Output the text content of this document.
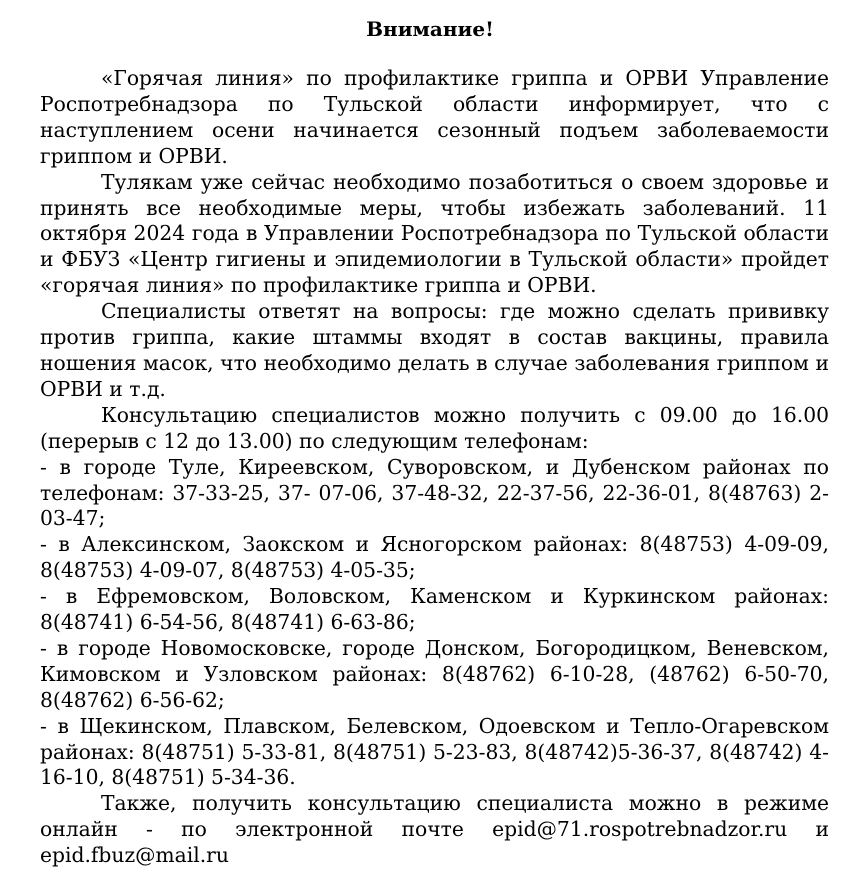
Внимание!

«Горячая линия» по профилактике гриппа и ОРВИ Управление Роспотребнадзора по Тульской области информирует, что с наступлением осени начинается сезонный подъем заболеваемости гриппом и ОРВИ.

Тулякам уже сейчас необходимо позаботиться о своем здоровье и принять все необходимые меры, чтобы избежать заболеваний. 11 октября 2024 года в Управлении Роспотребнадзора по Тульской области и ФБУЗ «Центр гигиены и эпидемиологии в Тульской области» пройдет «горячая линия» по профилактике гриппа и ОРВИ.

Специалисты ответят на вопросы: где можно сделать прививку против гриппа, какие штаммы входят в состав вакцины, правила ношения масок, что необходимо делать в случае заболевания гриппом и ОРВИ и т.д.

Консультацию специалистов можно получить с 09.00 до 16.00 (перерыв с 12 до 13.00) по следующим телефонам:

- в городе Туле, Киреевском, Суворовском, и Дубенском районах по телефонам: 37-33-25, 37- 07-06, 37-48-32, 22-37-56, 22-36-01, 8(48763) 2-03-47;

- в Алексинском, Заокском и Ясногорском районах: 8(48753) 4-09-09, 8(48753) 4-09-07, 8(48753) 4-05-35;

- в Ефремовском, Воловском, Каменском и Куркинском районах: 8(48741) 6-54-56, 8(48741) 6-63-86;

- в городе Новомосковске, городе Донском, Богородицком, Веневском, Кимовском и Узловском районах: 8(48762) 6-10-28, (48762) 6-50-70, 8(48762) 6-56-62;

- в Щекинском, Плавском, Белевском, Одоевском и Тепло-Огаревском районах: 8(48751) 5-33-81, 8(48751) 5-23-83, 8(48742)5-36-37, 8(48742) 4-16-10, 8(48751) 5-34-36.

Также, получить консультацию специалиста можно в режиме онлайн - по электронной почте epid@71.rospotrebnadzor.ru и epid.fbuz@mail.ru
